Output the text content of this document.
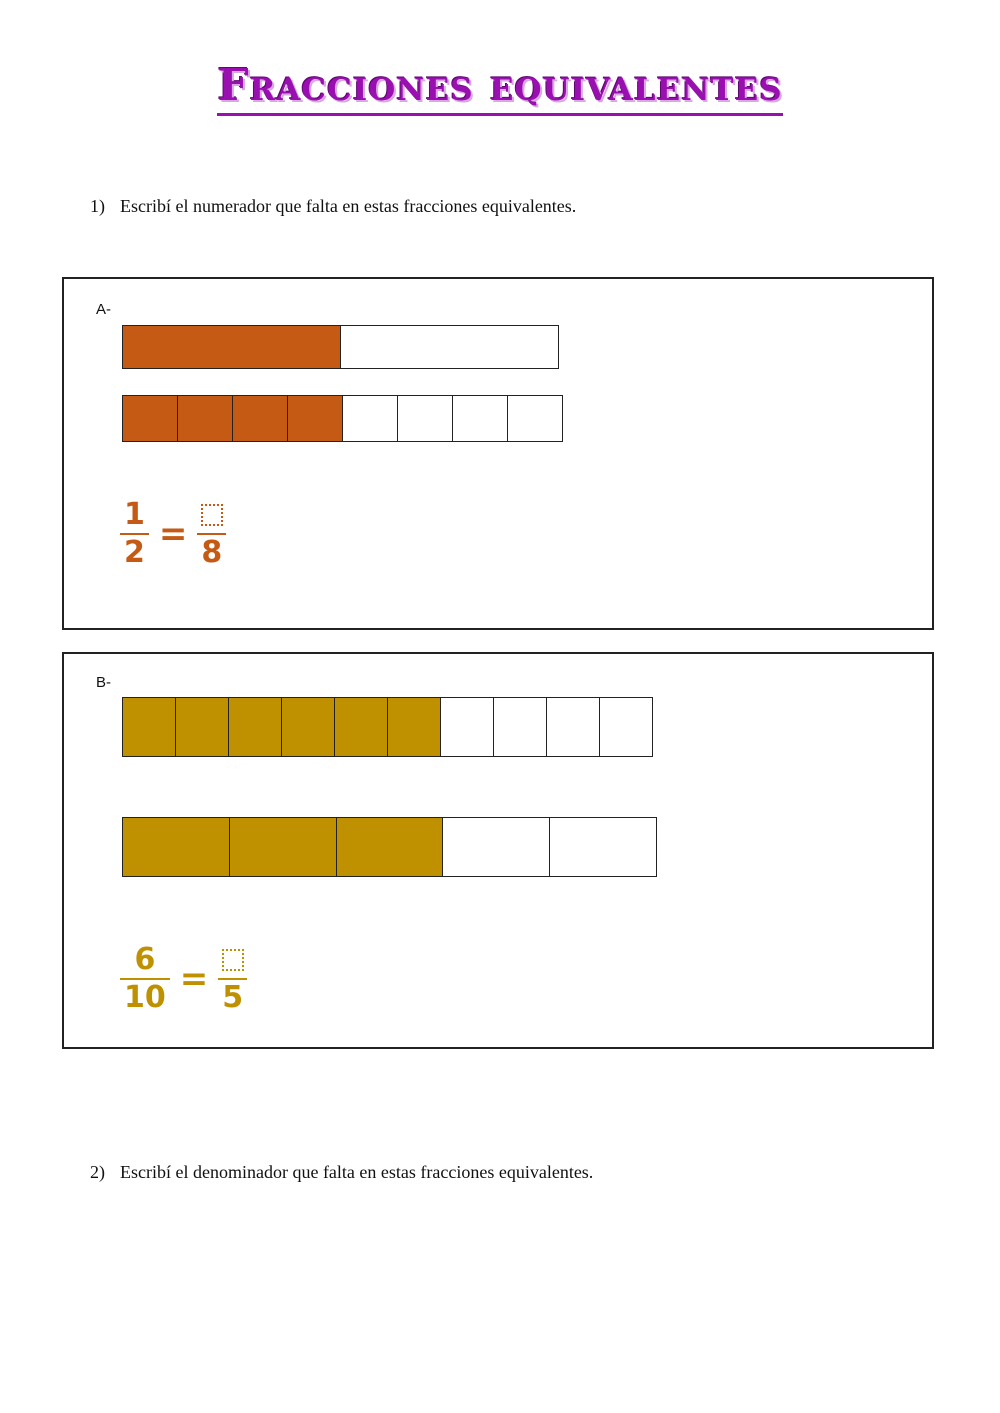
Fracciones equivalentes
1) Escribí el numerador que falta en estas fracciones equivalentes.
A-
$\frac{1}{2} = 8$
B-
$\frac{6}{10} = 5$
2) Escribí el denominador que falta en estas fracciones equivalentes.
